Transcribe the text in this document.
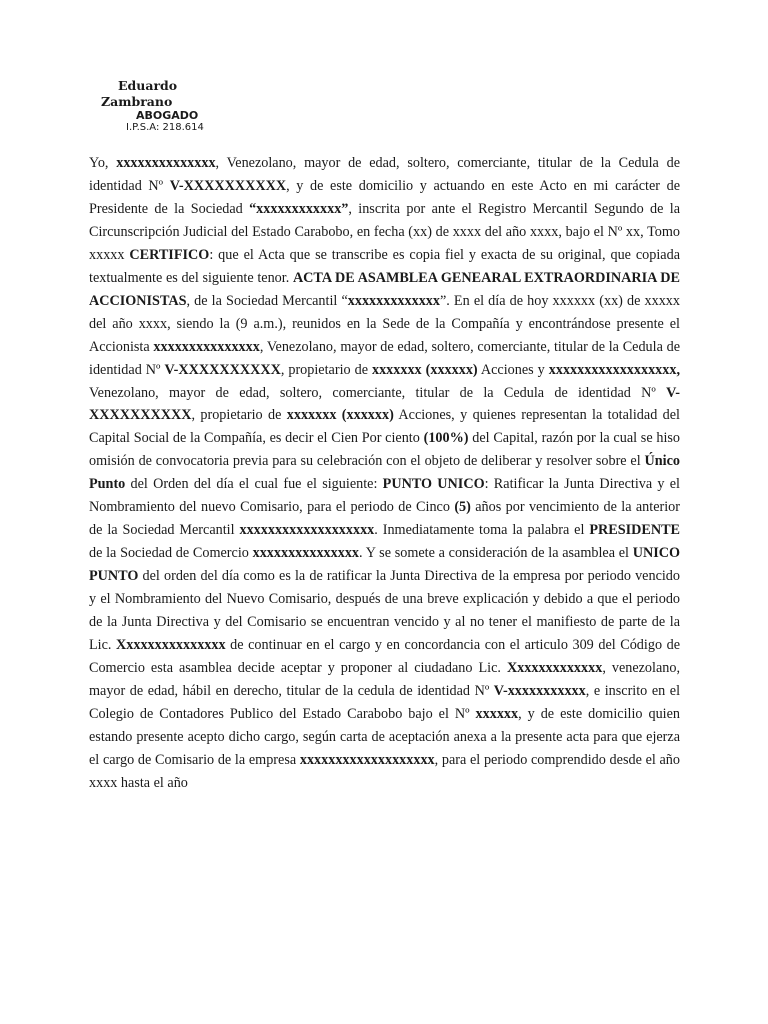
Eduardo
Zambrano
ABOGADO
I.P.S.A: 218.614

Yo, xxxxxxxxxxxxxx, Venezolano, mayor de edad, soltero, comerciante, titular de la Cedula de identidad Nº V-XXXXXXXXXX, y de este domicilio y actuando en este Acto en mi carácter de Presidente de la Sociedad “xxxxxxxxxxxx”, inscrita por ante el Registro Mercantil Segundo de la Circunscripción Judicial del Estado Carabobo, en fecha (xx) de xxxx del año xxxx, bajo el Nº xx, Tomo xxxxx CERTIFICO: que el Acta que se transcribe es copia fiel y exacta de su original, que copiada textualmente es del siguiente tenor. ACTA DE ASAMBLEA GENEARAL EXTRAORDINARIA DE ACCIONISTAS, de la Sociedad Mercantil “xxxxxxxxxxxxx”. En el día de hoy xxxxxx (xx) de xxxxx del año xxxx, siendo la (9 a.m.), reunidos en la Sede de la Compañía y encontrándose presente el Accionista xxxxxxxxxxxxxxx, Venezolano, mayor de edad, soltero, comerciante, titular de la Cedula de identidad Nº V-XXXXXXXXXX, propietario de xxxxxxx (xxxxxx) Acciones y xxxxxxxxxxxxxxxxxx, Venezolano, mayor de edad, soltero, comerciante, titular de la Cedula de identidad Nº V-XXXXXXXXXX, propietario de xxxxxxx (xxxxxx) Acciones, y quienes representan la totalidad del Capital Social de la Compañía, es decir el Cien Por ciento (100%) del Capital, razón por la cual se hiso omisión de convocatoria previa para su celebración con el objeto de deliberar y resolver sobre el Único Punto del Orden del día el cual fue el siguiente: PUNTO UNICO: Ratificar la Junta Directiva y el Nombramiento del nuevo Comisario, para el periodo de Cinco (5) años por vencimiento de la anterior de la Sociedad Mercantil xxxxxxxxxxxxxxxxxxx. Inmediatamente toma la palabra el PRESIDENTE de la Sociedad de Comercio xxxxxxxxxxxxxxx. Y se somete a consideración de la asamblea el UNICO PUNTO del orden del día como es la de ratificar la Junta Directiva de la empresa por periodo vencido y el Nombramiento del Nuevo Comisario, después de una breve explicación y debido a que el periodo de la Junta Directiva y del Comisario se encuentran vencido y al no tener el manifiesto de parte de la Lic. Xxxxxxxxxxxxxxx de continuar en el cargo y en concordancia con el articulo 309 del Código de Comercio esta asamblea decide aceptar y proponer al ciudadano Lic. Xxxxxxxxxxxxx, venezolano, mayor de edad, hábil en derecho, titular de la cedula de identidad Nº V-xxxxxxxxxxx, e inscrito en el Colegio de Contadores Publico del Estado Carabobo bajo el Nº xxxxxx, y de este domicilio quien estando presente acepto dicho cargo, según carta de aceptación anexa a la presente acta para que ejerza el cargo de Comisario de la empresa xxxxxxxxxxxxxxxxxxx, para el periodo comprendido desde el año xxxx hasta el año
